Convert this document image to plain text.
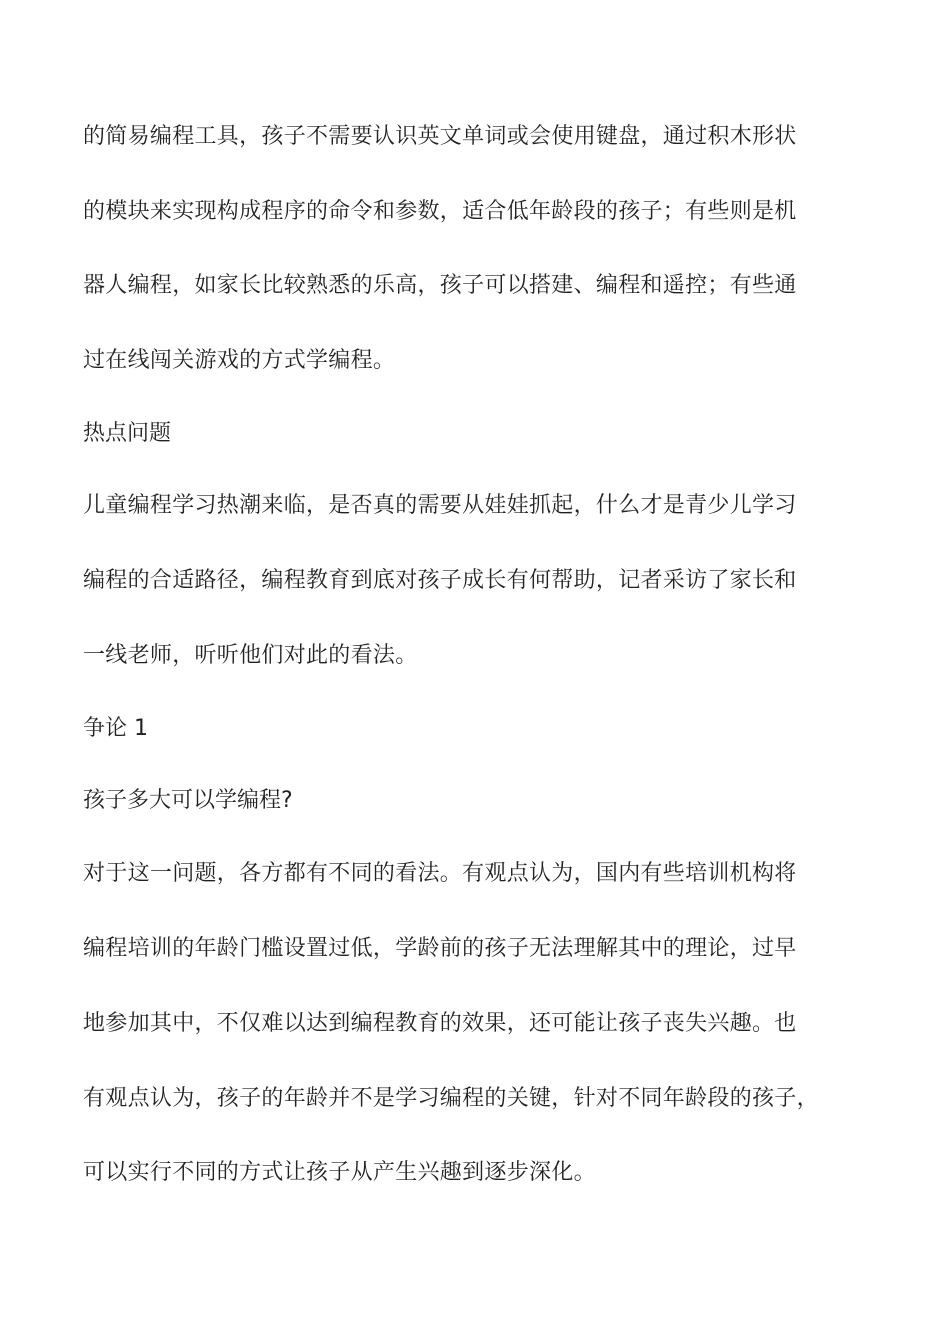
的简易编程工具，孩子不需要认识英文单词或会使用键盘，通过积木形状
的模块来实现构成程序的命令和参数，适合低年龄段的孩子；有些则是机
器人编程，如家长比较熟悉的乐高，孩子可以搭建、编程和遥控；有些通
过在线闯关游戏的方式学编程。
热点问题
儿童编程学习热潮来临，是否真的需要从娃娃抓起，什么才是青少儿学习
编程的合适路径，编程教育到底对孩子成长有何帮助，记者采访了家长和
一线老师，听听他们对此的看法。
争论 1
孩子多大可以学编程?
对于这一问题，各方都有不同的看法。有观点认为，国内有些培训机构将
编程培训的年龄门槛设置过低，学龄前的孩子无法理解其中的理论，过早
地参加其中，不仅难以达到编程教育的效果，还可能让孩子丧失兴趣。也
有观点认为，孩子的年龄并不是学习编程的关键，针对不同年龄段的孩子，
可以实行不同的方式让孩子从产生兴趣到逐步深化。
